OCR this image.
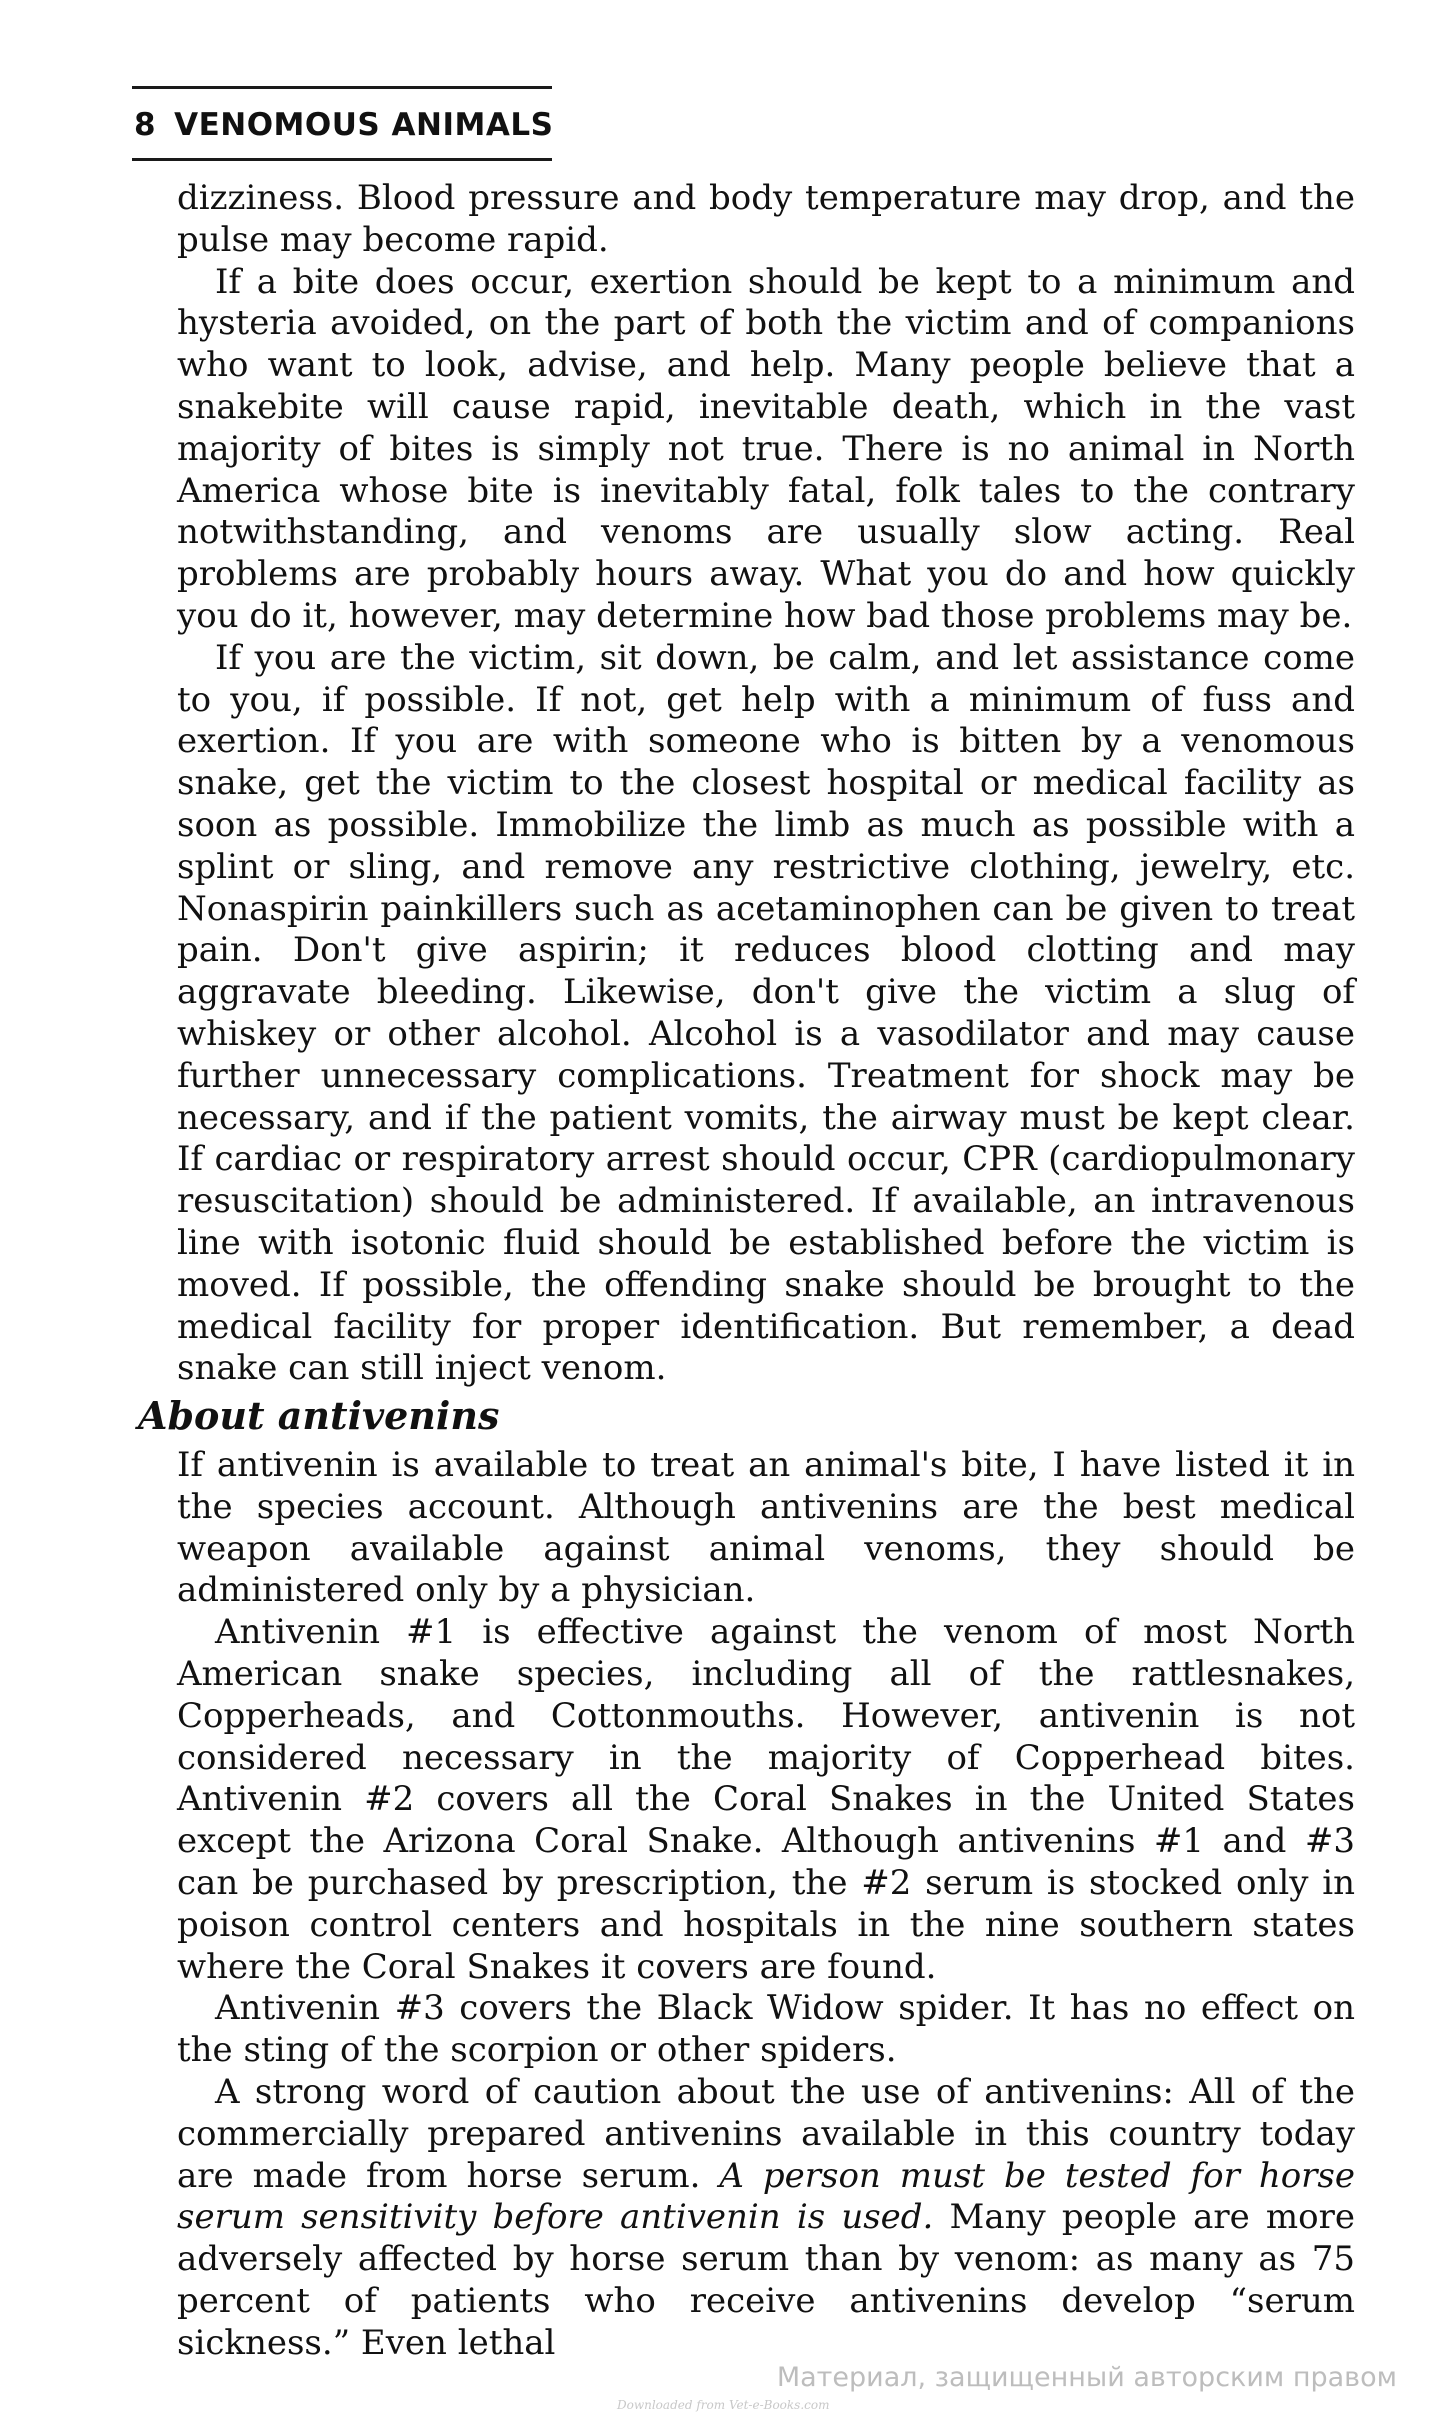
8 VENOMOUS ANIMALS

dizziness. Blood pressure and body temperature may drop, and the pulse may become rapid.

If a bite does occur, exertion should be kept to a minimum and hysteria avoided, on the part of both the victim and of companions who want to look, advise, and help. Many people believe that a snakebite will cause rapid, inevitable death, which in the vast majority of bites is simply not true. There is no animal in North America whose bite is inevitably fatal, folk tales to the contrary notwithstanding, and venoms are usually slow acting. Real problems are probably hours away. What you do and how quickly you do it, however, may determine how bad those problems may be.

If you are the victim, sit down, be calm, and let assistance come to you, if possible. If not, get help with a minimum of fuss and exertion. If you are with someone who is bitten by a venomous snake, get the victim to the closest hospital or medical facility as soon as possible. Immobilize the limb as much as possible with a splint or sling, and remove any restrictive clothing, jewelry, etc. Nonaspirin painkillers such as acetaminophen can be given to treat pain. Don't give aspirin; it reduces blood clotting and may aggravate bleeding. Likewise, don't give the victim a slug of whiskey or other alcohol. Alcohol is a vasodilator and may cause further unnecessary complications. Treatment for shock may be necessary, and if the patient vomits, the airway must be kept clear. If cardiac or respiratory arrest should occur, CPR (cardiopulmonary resuscitation) should be administered. If available, an intravenous line with isotonic fluid should be established before the victim is moved. If possible, the offending snake should be brought to the medical facility for proper identification. But remember, a dead snake can still inject venom.

About antivenins

If antivenin is available to treat an animal's bite, I have listed it in the species account. Although antivenins are the best medical weapon available against animal venoms, they should be administered only by a physician.

Antivenin #1 is effective against the venom of most North American snake species, including all of the rattlesnakes, Copperheads, and Cottonmouths. However, antivenin is not considered necessary in the majority of Copperhead bites. Antivenin #2 covers all the Coral Snakes in the United States except the Arizona Coral Snake. Although antivenins #1 and #3 can be purchased by prescription, the #2 serum is stocked only in poison control centers and hospitals in the nine southern states where the Coral Snakes it covers are found.

Antivenin #3 covers the Black Widow spider. It has no effect on the sting of the scorpion or other spiders.

A strong word of caution about the use of antivenins: All of the commercially prepared antivenins available in this country today are made from horse serum. A person must be tested for horse serum sensitivity before antivenin is used. Many people are more adversely affected by horse serum than by venom: as many as 75 percent of patients who receive antivenins develop “serum sickness.” Even lethal

Материал, защищенный авторским правом
Downloaded from Vet-e-Books.com
